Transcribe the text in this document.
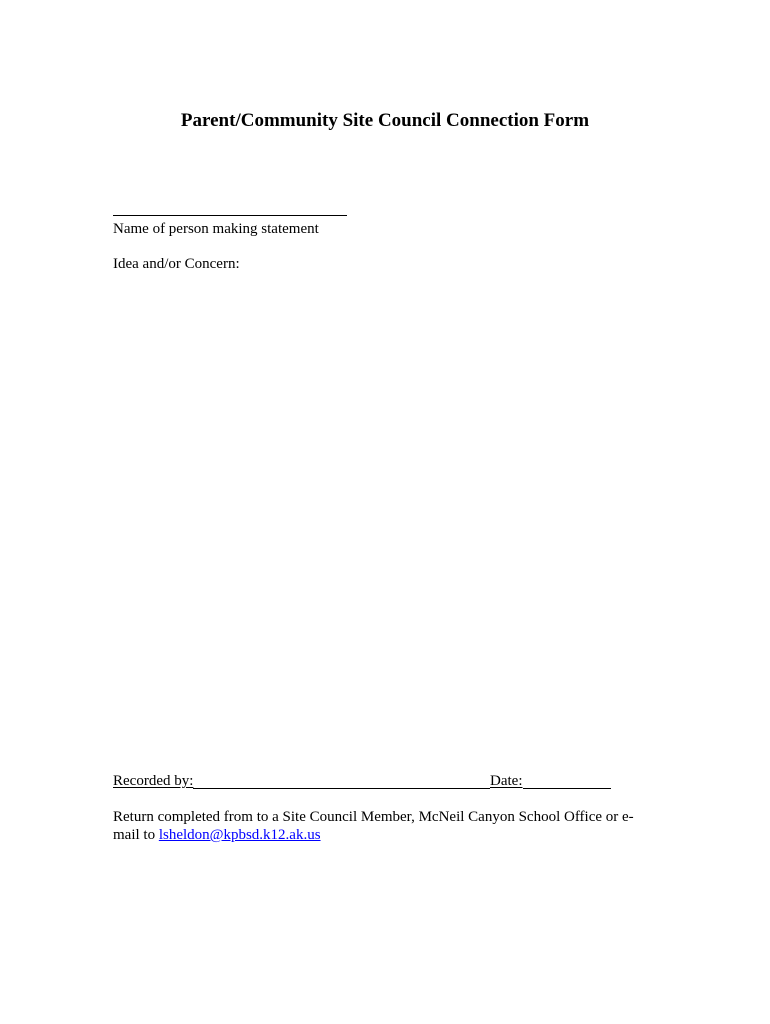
Parent/Community Site Council Connection Form
Name of person making statement
Idea and/or Concern:
Recorded by:	Date:
Return completed from to a Site Council Member, McNeil Canyon School Office or e-
mail to lsheldon@kpbsd.k12.ak.us
